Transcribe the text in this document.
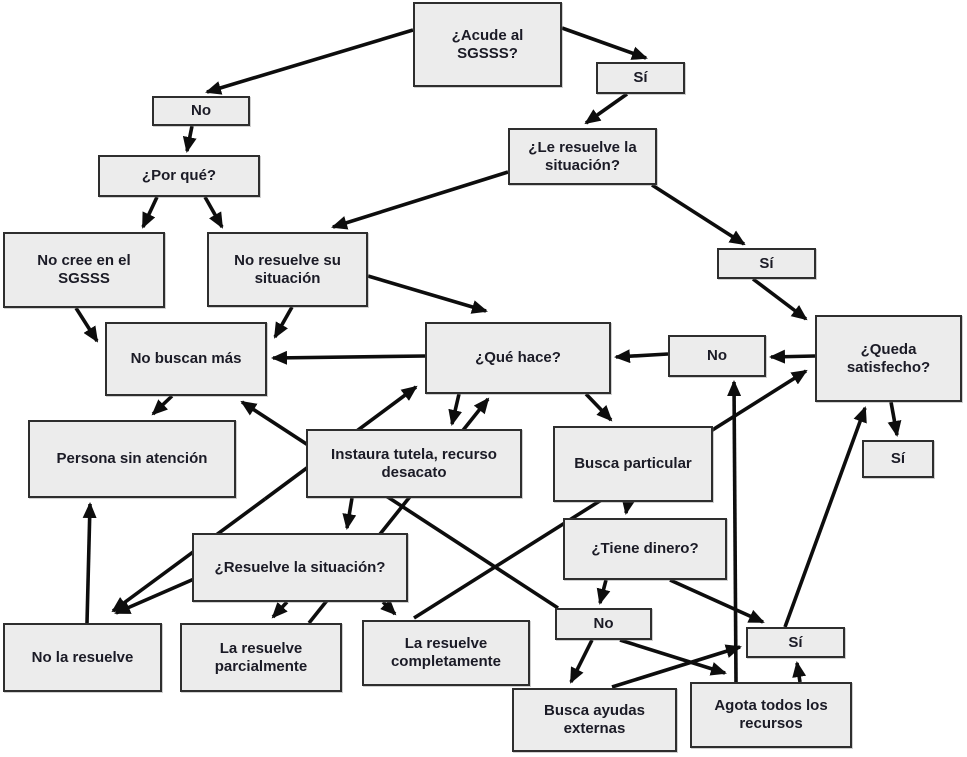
¿Acude al SGSSS?
No
¿Por qué?
Sí
¿Le resuelve la situación?
No cree en el SGSSS
No resuelve su situación
Sí
¿Queda satisfecho?
No
No buscan más	¿Qué hace?
Persona sin atención	Instaura tutela, recurso desacato	Busca particular
¿Resuelve la situación?
¿Tiene dinero?
Sí
No la resuelve
La resuelve parcialmente
La resuelve completamente
No
Sí
Busca ayudas externas
Agota todos los recursos
